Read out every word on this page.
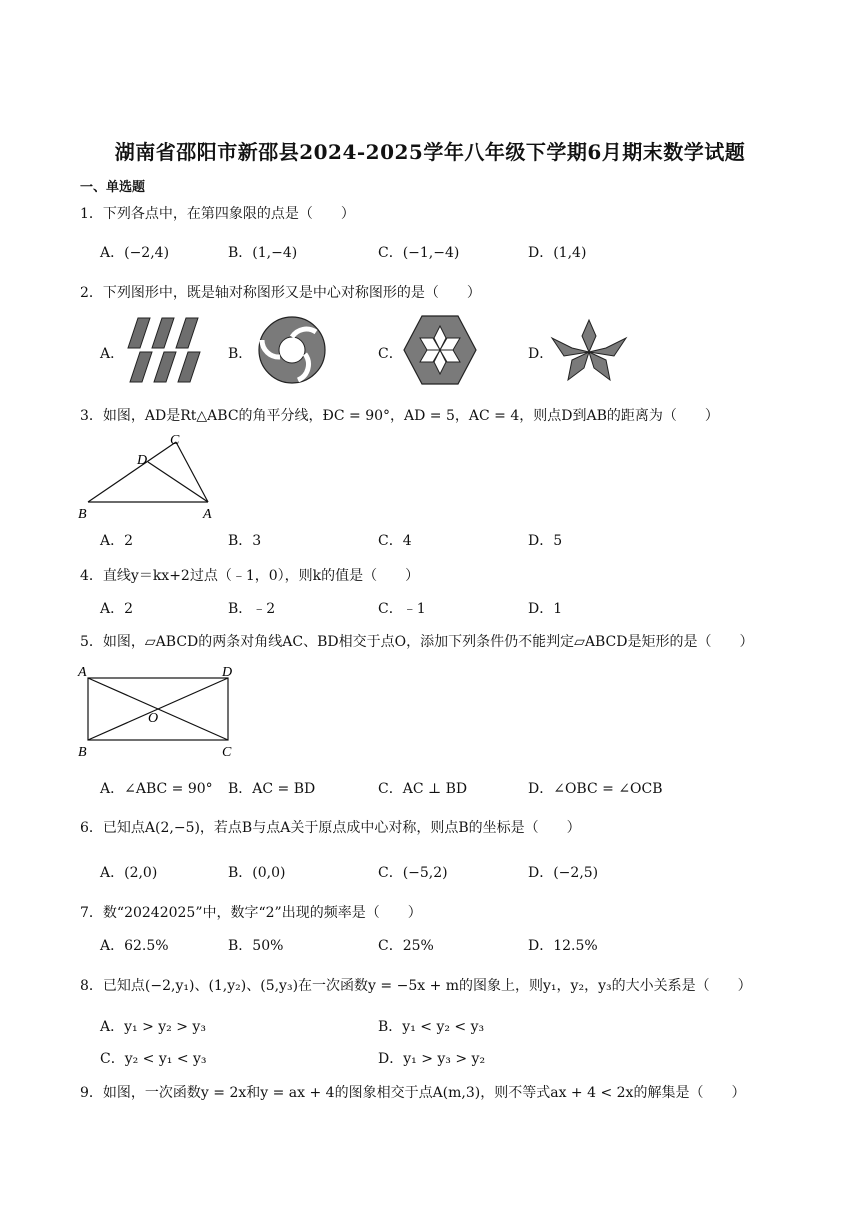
湖南省邵阳市新邵县2024-2025学年八年级下学期6月期末数学试题
一、单选题
1．下列各点中，在第四象限的点是（　　）
A．(−2,4)	B．(1,−4)	C．(−1,−4)	D．(1,4)
2．下列图形中，既是轴对称图形又是中心对称图形的是（　　）
A．	B．	C．	D．
3．如图，AD是Rt△ABC的角平分线，ÐC = 90°，AD = 5，AC = 4，则点D到AB的距离为（　　）
C
D
B	A
A．2	B．3	C．4	D．5
4．直线y＝kx+2过点（﹣1，0），则k的值是（　　）
A．2	B．﹣2	C．﹣1	D．1
5．如图，▱ABCD的两条对角线AC、BD相交于点O，添加下列条件仍不能判定▱ABCD是矩形的是（　　）
A	D
O
B	C
A．∠ABC = 90° B．AC = BD	C．AC ⊥ BD	D．∠OBC = ∠OCB
6．已知点A(2,−5)，若点B与点A关于原点成中心对称，则点B的坐标是（　　）
A．(2,0)	B．(0,0)	C．(−5,2)	D．(−2,5)
7．数“20242025”中，数字“2”出现的频率是（　　）
A．62.5%	B．50%	C．25%	D．12.5%
8．已知点(−2,y₁)、(1,y₂)、(5,y₃)在一次函数y = −5x + m的图象上，则y₁，y₂，y₃的大小关系是（　　）
A．y₁ > y₂ > y₃	B．y₁ < y₂ < y₃
C．y₂ < y₁ < y₃	D．y₁ > y₃ > y₂
9．如图，一次函数y = 2x和y = ax + 4的图象相交于点A(m,3)，则不等式ax + 4 < 2x的解集是（　　）
